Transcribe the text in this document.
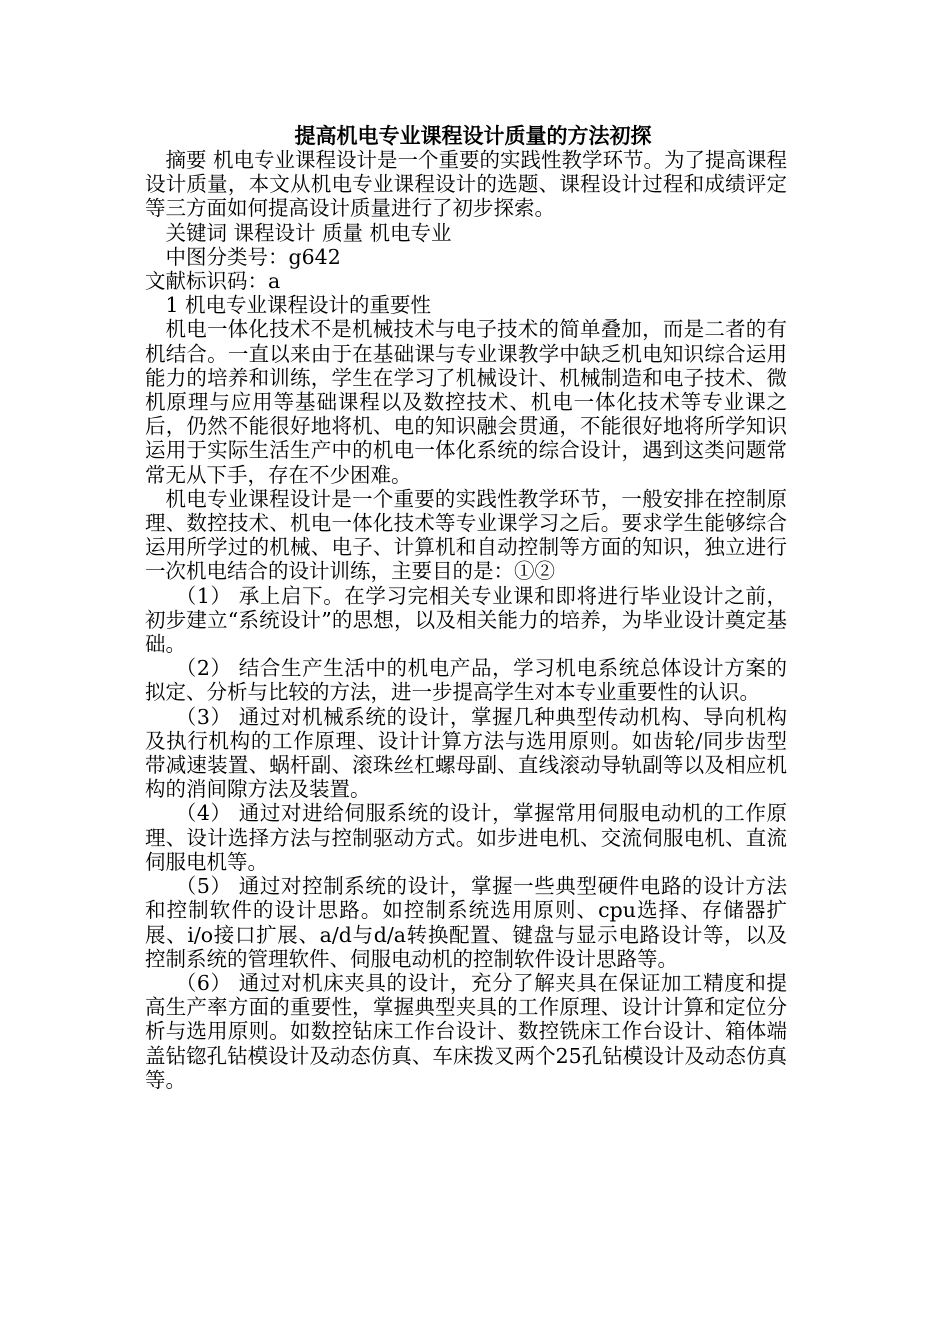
提高机电专业课程设计质量的方法初探

摘要 机电专业课程设计是一个重要的实践性教学环节。为了提高课程设计质量，本文从机电专业课程设计的选题、课程设计过程和成绩评定等三方面如何提高设计质量进行了初步探索。

关键词 课程设计 质量 机电专业

中图分类号：g642

文献标识码：a

1 机电专业课程设计的重要性

机电一体化技术不是机械技术与电子技术的简单叠加，而是二者的有机结合。一直以来由于在基础课与专业课教学中缺乏机电知识综合运用能力的培养和训练，学生在学习了机械设计、机械制造和电子技术、微机原理与应用等基础课程以及数控技术、机电一体化技术等专业课之后，仍然不能很好地将机、电的知识融会贯通，不能很好地将所学知识运用于实际生活生产中的机电一体化系统的综合设计，遇到这类问题常常无从下手，存在不少困难。

机电专业课程设计是一个重要的实践性教学环节，一般安排在控制原理、数控技术、机电一体化技术等专业课学习之后。要求学生能够综合运用所学过的机械、电子、计算机和自动控制等方面的知识，独立进行一次机电结合的设计训练，主要目的是：①②

（1） 承上启下。在学习完相关专业课和即将进行毕业设计之前，初步建立“系统设计”的思想，以及相关能力的培养，为毕业设计奠定基础。

（2） 结合生产生活中的机电产品，学习机电系统总体设计方案的拟定、分析与比较的方法，进一步提高学生对本专业重要性的认识。

（3） 通过对机械系统的设计，掌握几种典型传动机构、导向机构及执行机构的工作原理、设计计算方法与选用原则。如齿轮/同步齿型带减速装置、蜗杆副、滚珠丝杠螺母副、直线滚动导轨副等以及相应机构的消间隙方法及装置。

（4） 通过对进给伺服系统的设计，掌握常用伺服电动机的工作原理、设计选择方法与控制驱动方式。如步进电机、交流伺服电机、直流伺服电机等。

（5） 通过对控制系统的设计，掌握一些典型硬件电路的设计方法和控制软件的设计思路。如控制系统选用原则、cpu选择、存储器扩展、i/o接口扩展、a/d与d/a转换配置、键盘与显示电路设计等，以及控制系统的管理软件、伺服电动机的控制软件设计思路等。

（6） 通过对机床夹具的设计，充分了解夹具在保证加工精度和提高生产率方面的重要性，掌握典型夹具的工作原理、设计计算和定位分析与选用原则。如数控钻床工作台设计、数控铣床工作台设计、箱体端盖钻锪孔钻模设计及动态仿真、车床拨叉两个25孔钻模设计及动态仿真等。
